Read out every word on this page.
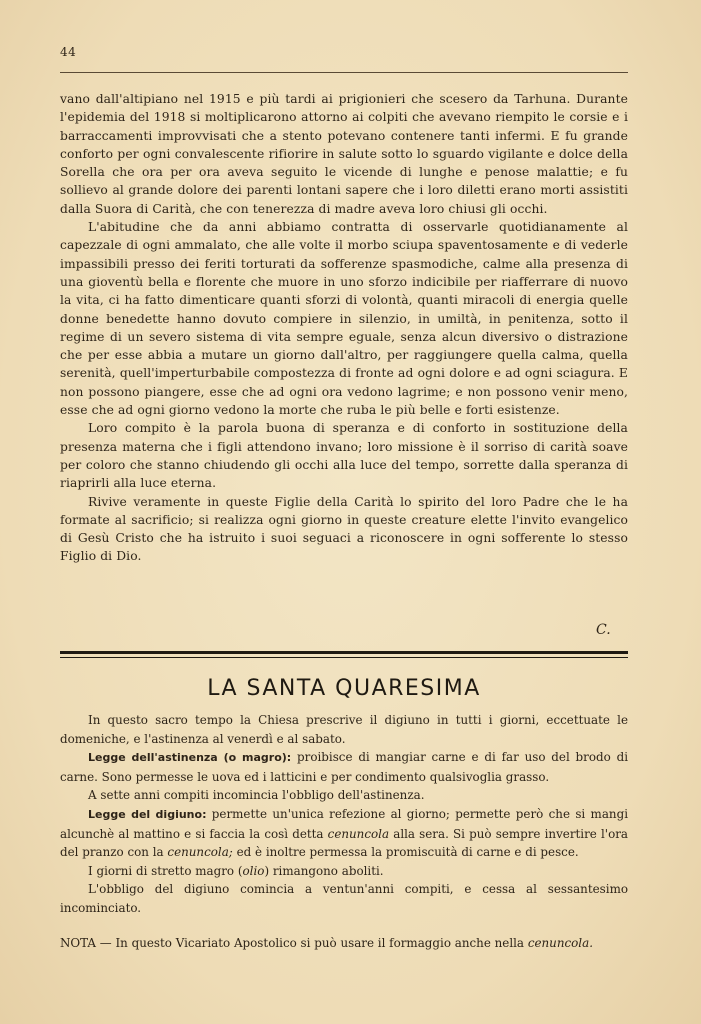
44

vano dall'altipiano nel 1915 e più tardi ai prigionieri che scesero da Tarhuna. Durante l'epidemia del 1918 si moltiplicarono attorno ai colpiti che avevano riempito le corsie e i barraccamenti improvvisati che a stento potevano contenere tanti infermi. E fu grande conforto per ogni convalescente rifiorire in salute sotto lo sguardo vigilante e dolce della Sorella che ora per ora aveva seguito le vicende di lunghe e penose malattie; e fu sollievo al grande dolore dei parenti lontani sapere che i loro diletti erano morti assistiti dalla Suora di Carità, che con tenerezza di madre aveva loro chiusi gli occhi.

L'abitudine che da anni abbiamo contratta di osservarle quotidianamente al capezzale di ogni ammalato, che alle volte il morbo sciupa spaventosamente e di vederle impassibili presso dei feriti torturati da sofferenze spasmodiche, calme alla presenza di una gioventù bella e florente che muore in uno sforzo indicibile per riafferrare di nuovo la vita, ci ha fatto dimenticare quanti sforzi di volontà, quanti miracoli di energia quelle donne benedette hanno dovuto compiere in silenzio, in umiltà, in penitenza, sotto il regime di un severo sistema di vita sempre eguale, senza alcun diversivo o distrazione che per esse abbia a mutare un giorno dall'altro, per raggiungere quella calma, quella serenità, quell'imperturbabile compostezza di fronte ad ogni dolore e ad ogni sciagura. E non possono piangere, esse che ad ogni ora vedono lagrime; e non possono venir meno, esse che ad ogni giorno vedono la morte che ruba le più belle e forti esistenze.

Loro compito è la parola buona di speranza e di conforto in sostituzione della presenza materna che i figli attendono invano; loro missione è il sorriso di carità soave per coloro che stanno chiudendo gli occhi alla luce del tempo, sorrette dalla speranza di riaprirli alla luce eterna.

Rivive veramente in queste Figlie della Carità lo spirito del loro Padre che le ha formate al sacrificio; si realizza ogni giorno in queste creature elette l'invito evangelico di Gesù Cristo che ha istruito i suoi seguaci a riconoscere in ogni sofferente lo stesso Figlio di Dio.

C.
LA SANTA QUARESIMA

In questo sacro tempo la Chiesa prescrive il digiuno in tutti i giorni, eccettuate le domeniche, e l'astinenza al venerdì e al sabato.

Legge dell'astinenza (o magro): proibisce di mangiar carne e di far uso del brodo di carne. Sono permesse le uova ed i latticini e per condimento qualsivoglia grasso.

A sette anni compiti incomincia l'obbligo dell'astinenza.

Legge del digiuno: permette un'unica refezione al giorno; permette però che si mangi alcunchè al mattino e si faccia la così detta cenuncola alla sera. Si può sempre invertire l'ora del pranzo con la cenuncola; ed è inoltre permessa la promiscuità di carne e di pesce.

I giorni di stretto magro (olio) rimangono aboliti.

L'obbligo del digiuno comincia a ventun'anni compiti, e cessa al sessantesimo incominciato.

NOTA — In questo Vicariato Apostolico si può usare il formaggio anche nella cenuncola.
